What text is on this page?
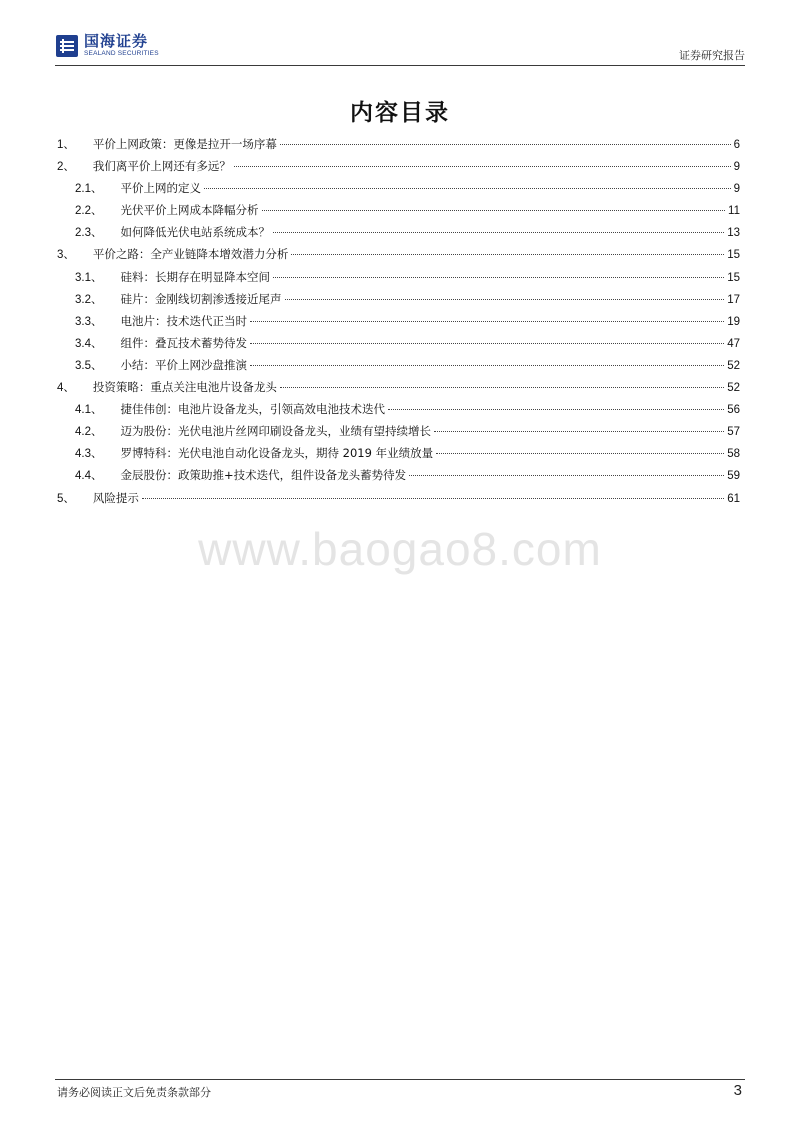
国海证券
SEALAND SECURITIES	证券研究报告
内容目录
1、 平价上网政策：更像是拉开一场序幕	6
2、 我们离平价上网还有多远？	9
2.1、 平价上网的定义	9
2.2、 光伏平价上网成本降幅分析	11
2.3、 如何降低光伏电站系统成本？	13
3、 平价之路：全产业链降本增效潜力分析	15
3.1、 硅料：长期存在明显降本空间	15
3.2、 硅片：金刚线切割渗透接近尾声	17
3.3、 电池片：技术迭代正当时	19
3.4、 组件：叠瓦技术蓄势待发	47
3.5、 小结：平价上网沙盘推演	52
4、 投资策略：重点关注电池片设备龙头	52
4.1、 捷佳伟创：电池片设备龙头，引领高效电池技术迭代	56
4.2、 迈为股份：光伏电池片丝网印刷设备龙头，业绩有望持续增长	57
4.3、 罗博特科：光伏电池自动化设备龙头，期待 2019 年业绩放量	58
4.4、 金辰股份：政策助推+技术迭代，组件设备龙头蓄势待发	59
5、 风险提示	61
www.baogao8.com
请务必阅读正文后免责条款部分	3
